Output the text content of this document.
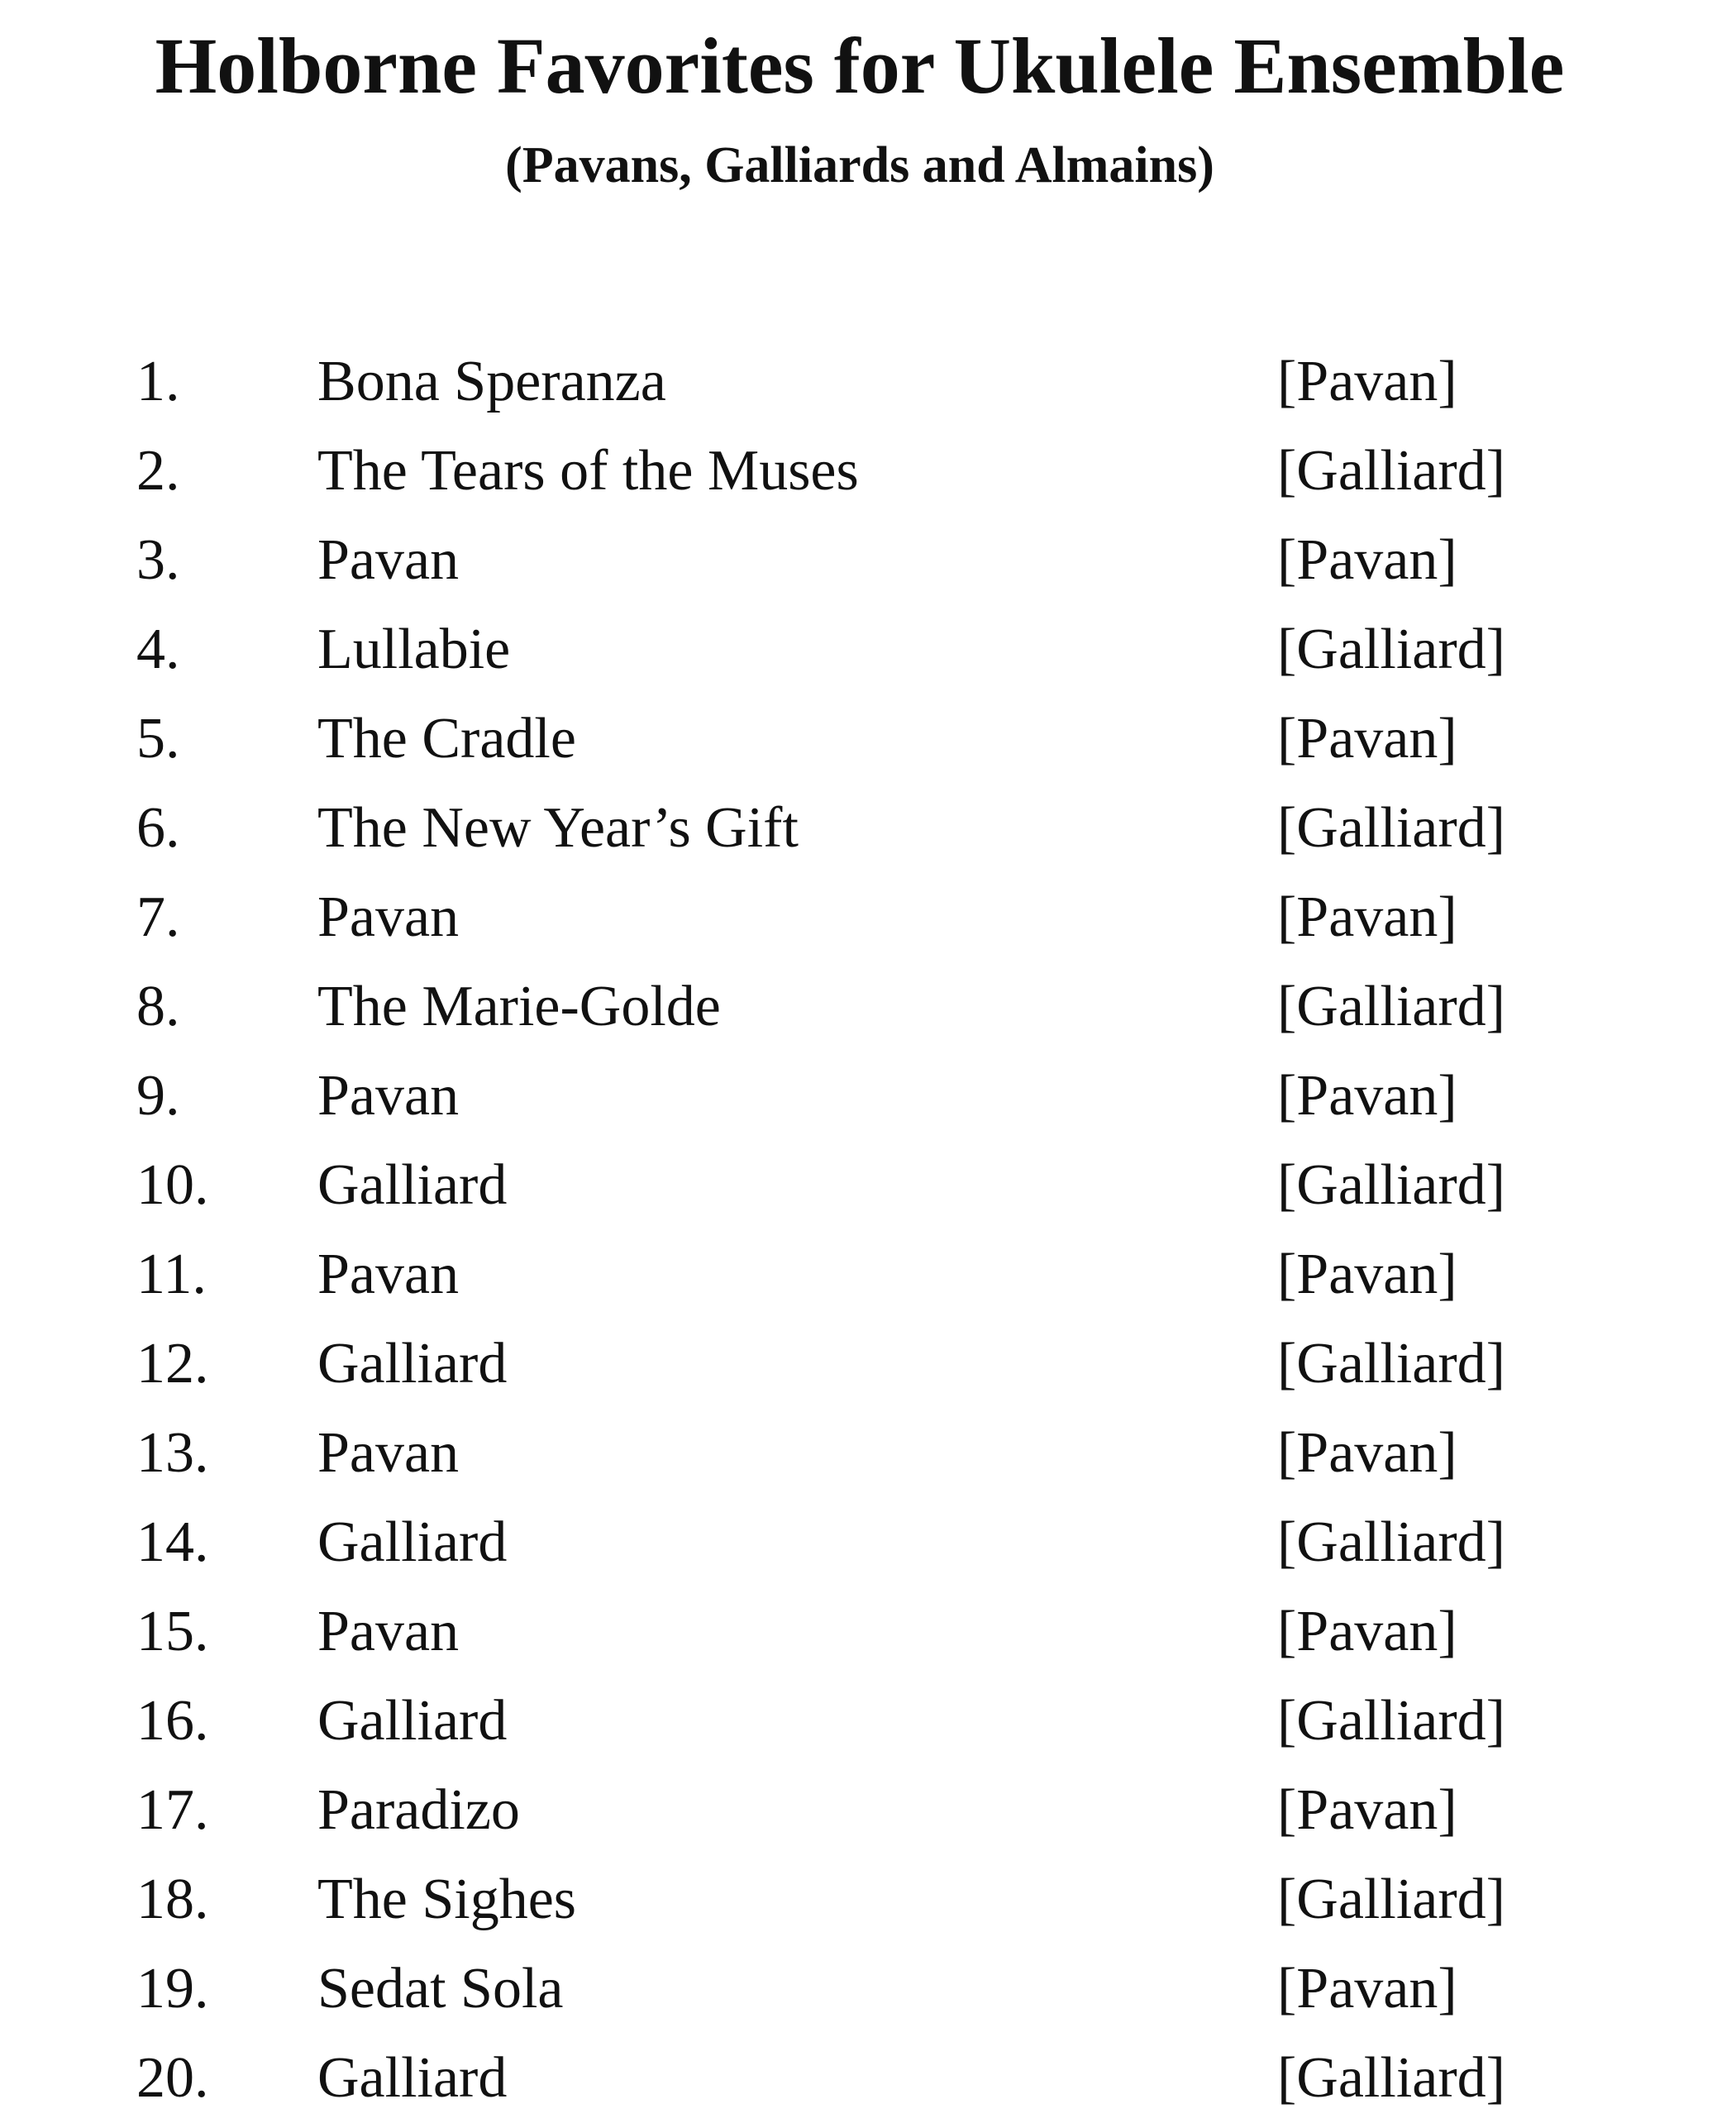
Holborne Favorites for Ukulele Ensemble
(Pavans, Galliards and Almains)
1. Bona Speranza	[Pavan]
2. The Tears of the Muses	[Galliard]
3. Pavan	[Pavan]
4. Lullabie	[Galliard]
5. The Cradle	[Pavan]
6. The New Year’s Gift	[Galliard]
7. Pavan	[Pavan]
8. The Marie-Golde	[Galliard]
9. Pavan	[Pavan]
10. Galliard	[Galliard]
11. Pavan	[Pavan]
12. Galliard	[Galliard]
13. Pavan	[Pavan]
14. Galliard	[Galliard]
15. Pavan	[Pavan]
16. Galliard	[Galliard]
17. Paradizo	[Pavan]
18. The Sighes	[Galliard]
19. Sedat Sola	[Pavan]
20. Galliard	[Galliard]
